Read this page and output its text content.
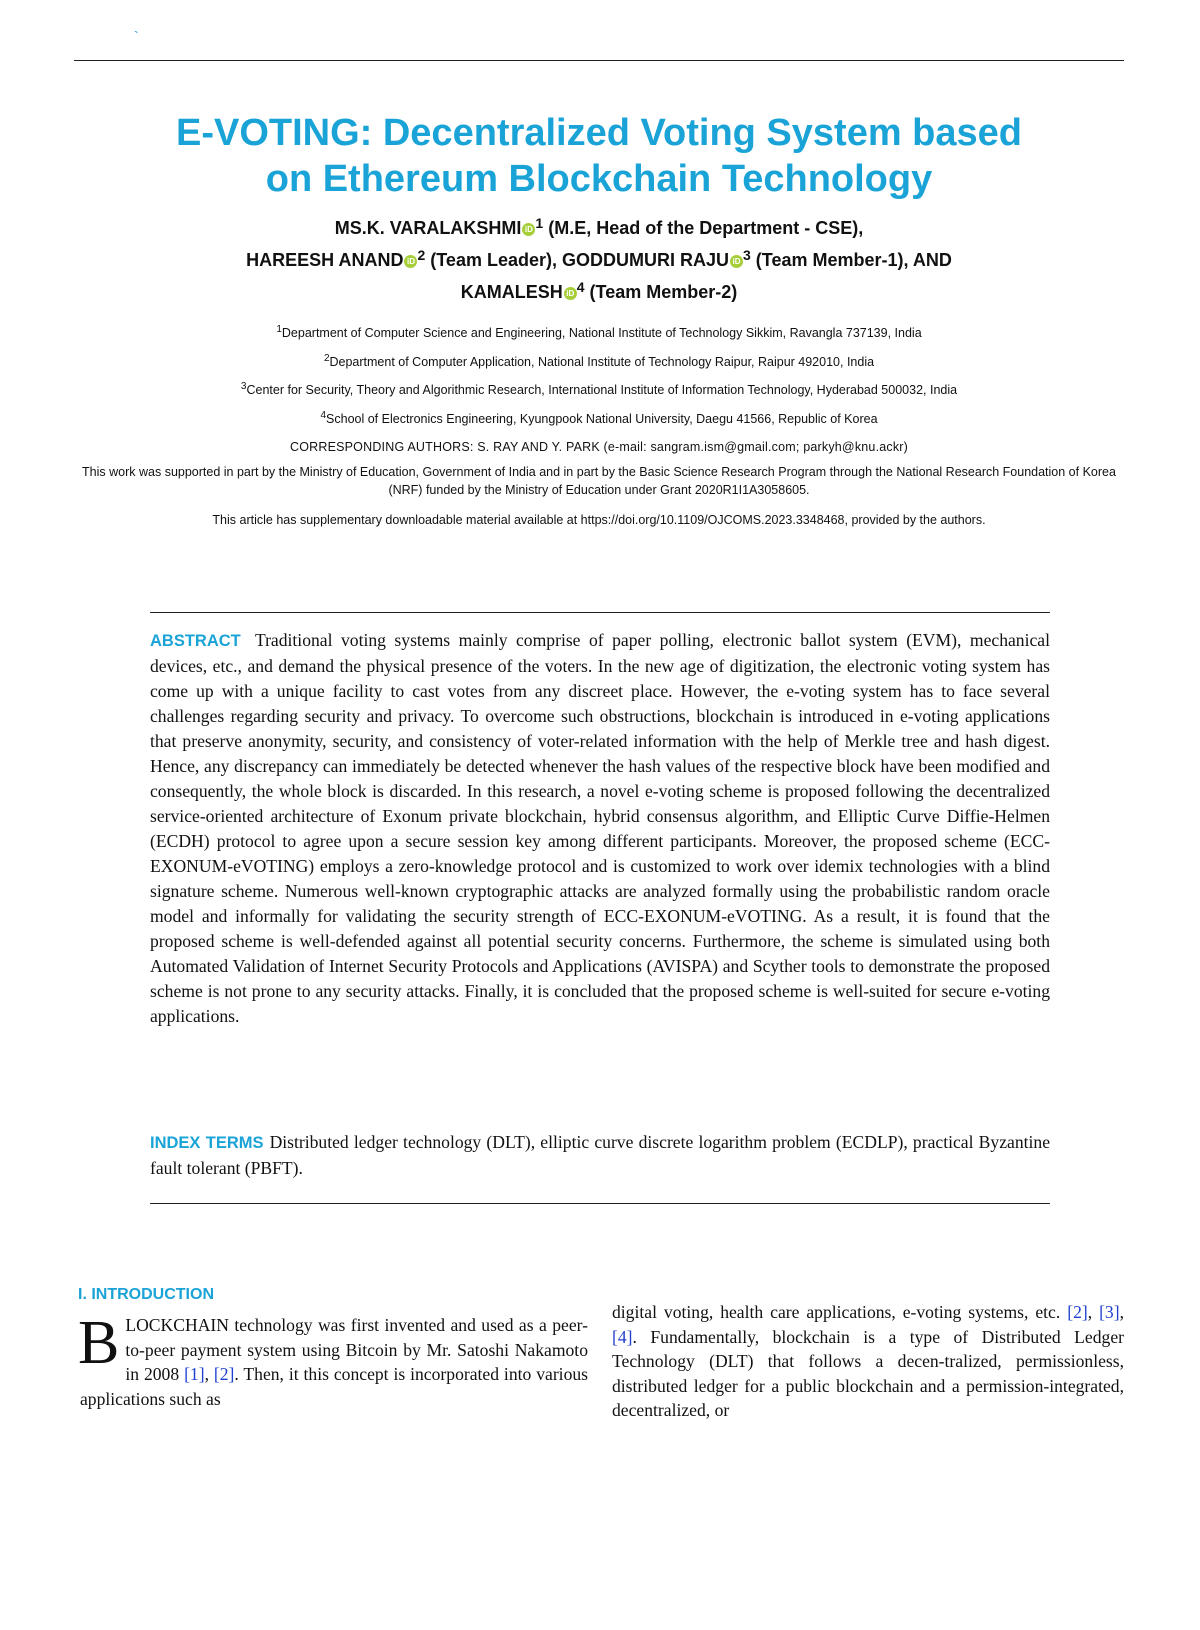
`
E-VOTING: Decentralized Voting System based
on Ethereum Blockchain Technology
MS.K. VARALAKSHMI iD $^1$ (M.E, Head of the Department - CSE),
HAREESH ANAND iD $^2$ (Team Leader), GODDUMURI RAJU iD $^3$ (Team Member-1), AND
KAMALESH iD $^4$ (Team Member-2)
$^1$Department of Computer Science and Engineering, National Institute of Technology Sikkim, Ravangla 737139, India
$^2$Department of Computer Application, National Institute of Technology Raipur, Raipur 492010, India
$^3$Center for Security, Theory and Algorithmic Research, International Institute of Information Technology, Hyderabad 500032, India
$^4$School of Electronics Engineering, Kyungpook National University, Daegu 41566, Republic of Korea
CORRESPONDING AUTHORS: S. RAY AND Y. PARK (e-mail: sangram.ism@gmail.com; parkyh@knu.ackr)
This work was supported in part by the Ministry of Education, Government of India and in part by the Basic Science Research Program through the National Research Foundation of Korea (NRF) funded by the Ministry of Education under Grant 2020R1I1A3058605.
This article has supplementary downloadable material available at https://doi.org/10.1109/OJCOMS.2023.3348468, provided by the authors.
ABSTRACT Traditional voting systems mainly comprise of paper polling, electronic ballot system (EVM), mechanical devices, etc., and demand the physical presence of the voters. In the new age of digitization, the electronic voting system has come up with a unique facility to cast votes from any discreet place. However, the e-voting system has to face several challenges regarding security and privacy. To overcome such obstructions, blockchain is introduced in e-voting applications that preserve anonymity, security, and consistency of voter-related information with the help of Merkle tree and hash digest. Hence, any discrepancy can immediately be detected whenever the hash values of the respective block have been modified and consequently, the whole block is discarded. In this research, a novel e-voting scheme is proposed following the decentralized service-oriented architecture of Exonum private blockchain, hybrid consensus algorithm, and Elliptic Curve Diffie-Helmen (ECDH) protocol to agree upon a secure session key among different participants. Moreover, the proposed scheme (ECC-EXONUM-eVOTING) employs a zero-knowledge protocol and is customized to work over idemix technologies with a blind signature scheme. Numerous well-known cryptographic attacks are analyzed formally using the probabilistic random oracle model and informally for validating the security strength of ECC-EXONUM-eVOTING. As a result, it is found that the proposed scheme is well-defended against all potential security concerns. Furthermore, the scheme is simulated using both Automated Validation of Internet Security Protocols and Applications (AVISPA) and Scyther tools to demonstrate the proposed scheme is not prone to any security attacks. Finally, it is concluded that the proposed scheme is well-suited for secure e-voting applications.
INDEX TERMS Distributed ledger technology (DLT), elliptic curve discrete logarithm problem (ECDLP), practical Byzantine fault tolerant (PBFT).
I. INTRODUCTION
BLOCKCHAIN technology was first invented and used as a peer-to-peer payment system using Bitcoin by Mr. Satoshi Nakamoto in 2008 [1], [2]. Then, it this concept is incorporated into various applications such as
digital voting, health care applications, e-voting systems, etc. [2], [3], [4]. Fundamentally, blockchain is a type of Distributed Ledger Technology (DLT) that follows a decen-tralized, permissionless, distributed ledger for a public blockchain and a permission-integrated, decentralized, or
